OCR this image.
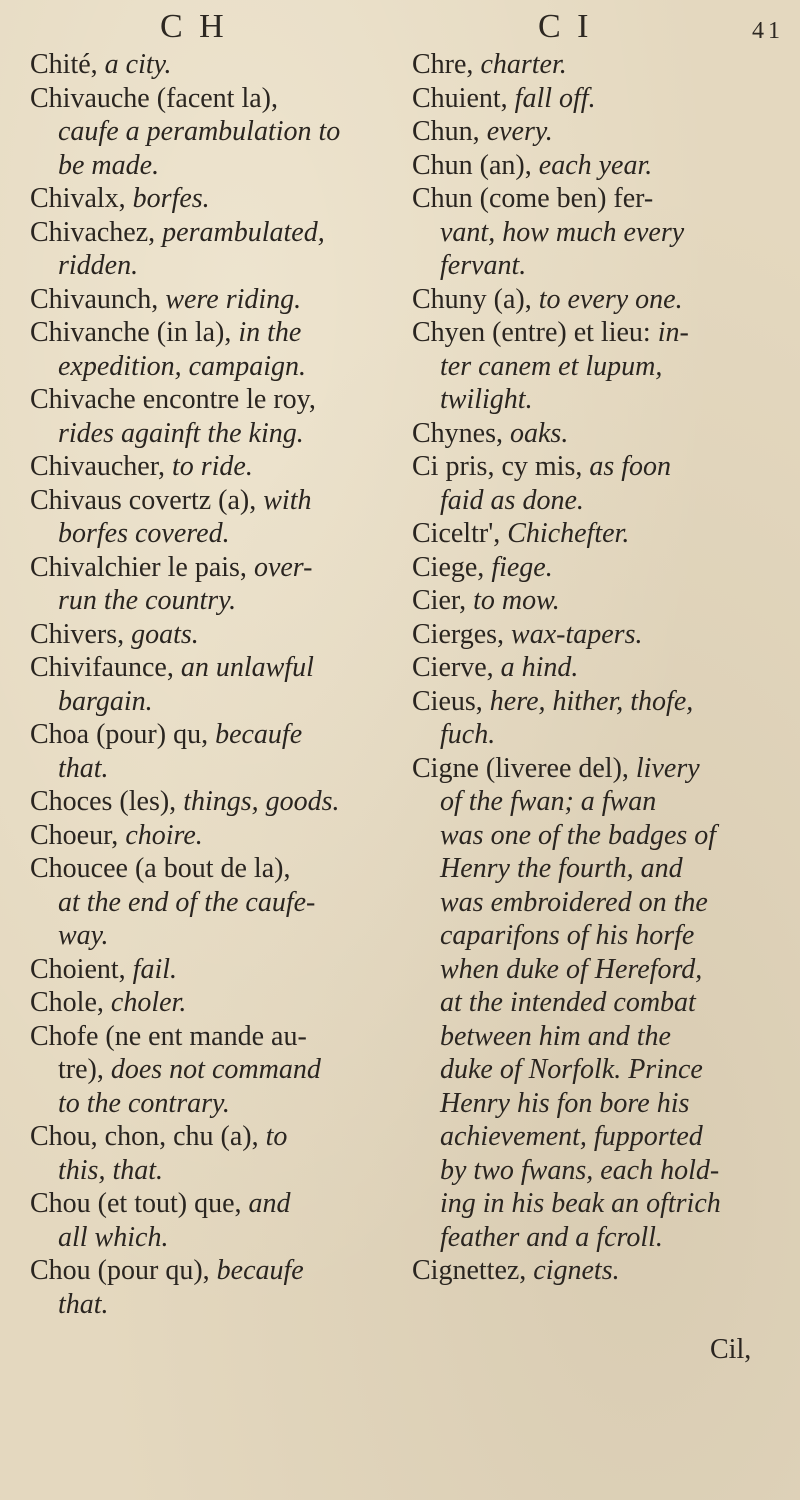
C H	C I	41
Chité, a city.
Chivauche (facent la),
caufe a perambulation to
be made.
Chivalx, borfes.
Chivachez, perambulated,
ridden.
Chivaunch, were riding.
Chivanche (in la), in the
expedition, campaign.
Chivache encontre le roy,
rides againft the king.
Chivaucher, to ride.
Chivaus covertz (a), with
borfes covered.
Chivalchier le pais, over-
run the country.
Chivers, goats.
Chivifaunce, an unlawful
bargain.
Choa (pour) qu, becaufe
that.
Choces (les), things, goods.
Choeur, choire.
Choucee (a bout de la),
at the end of the caufe-
way.
Choient, fail.
Chole, choler.
Chofe (ne ent mande au-
tre), does not command
to the contrary.
Chou, chon, chu (a), to
this, that.
Chou (et tout) que, and
all which.
Chou (pour qu), becaufe
that.
Chre, charter.
Chuient, fall off.
Chun, every.
Chun (an), each year.
Chun (come ben) fer-
vant, how much every
fervant.
Chuny (a), to every one.
Chyen (entre) et lieu: in-
ter canem et lupum,
twilight.
Chynes, oaks.
Ci pris, cy mis, as foon
faid as done.
Ciceltr', Chichefter.
Ciege, fiege.
Cier, to mow.
Cierges, wax-tapers.
Cierve, a hind.
Cieus, here, hither, thofe,
fuch.
Cigne (liveree del), livery
of the fwan; a fwan
was one of the badges of
Henry the fourth, and
was embroidered on the
caparifons of his horfe
when duke of Hereford,
at the intended combat
between him and the
duke of Norfolk. Prince
Henry his fon bore his
achievement, fupported
by two fwans, each hold-
ing in his beak an oftrich
feather and a fcroll.
Cignettez, cignets.
Cil,
